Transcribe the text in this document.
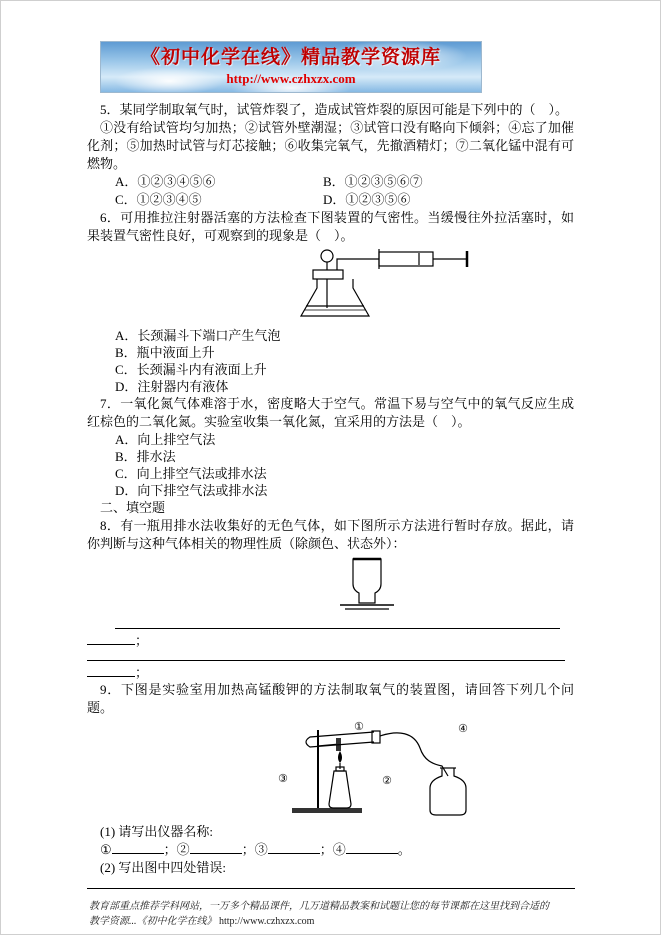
《初中化学在线》精品教学资源库
http://www.czhxzx.com

5．某同学制取氧气时，试管炸裂了，造成试管炸裂的原因可能是下列中的（　）。

①没有给试管均匀加热；②试管外壁潮湿；③试管口没有略向下倾斜；④忘了加催化剂；⑤加热时试管与灯芯接触；⑥收集完氧气，先撤酒精灯；⑦二氧化锰中混有可燃物。

A．①②③④⑤⑥	B．①②③⑤⑥⑦
C．①②③④⑤	D．①②③⑤⑥

6．可用推拉注射器活塞的方法检查下图装置的气密性。当缓慢往外拉活塞时，如果装置气密性良好，可观察到的现象是（　）。

A．长颈漏斗下端口产生气泡
B．瓶中液面上升
C．长颈漏斗内有液面上升
D．注射器内有液体

7．一氧化氮气体难溶于水，密度略大于空气。常温下易与空气中的氧气反应生成红棕色的二氧化氮。实验室收集一氧化氮，宜采用的方法是（　）。

A．向上排空气法
B．排水法
C．向上排空气法或排水法
D．向下排空气法或排水法

二、填空题

8．有一瓶用排水法收集好的无色气体，如下图所示方法进行暂时存放。据此，请你判断与这种气体相关的物理性质（除颜色、状态外）：

；
；

9．下图是实验室用加热高锰酸钾的方法制取氧气的装置图，请回答下列几个问题。

①
②
③
④

(1) 请写出仪器名称:

①	；②	；③	；④	。

(2) 写出图中四处错误:

教育部重点推荐学科网站，一万多个精品课件，几万道精品教案和试题让您的每节课都在这里找到合适的
教学资源...《初中化学在线》 http://www.czhxzx.com
